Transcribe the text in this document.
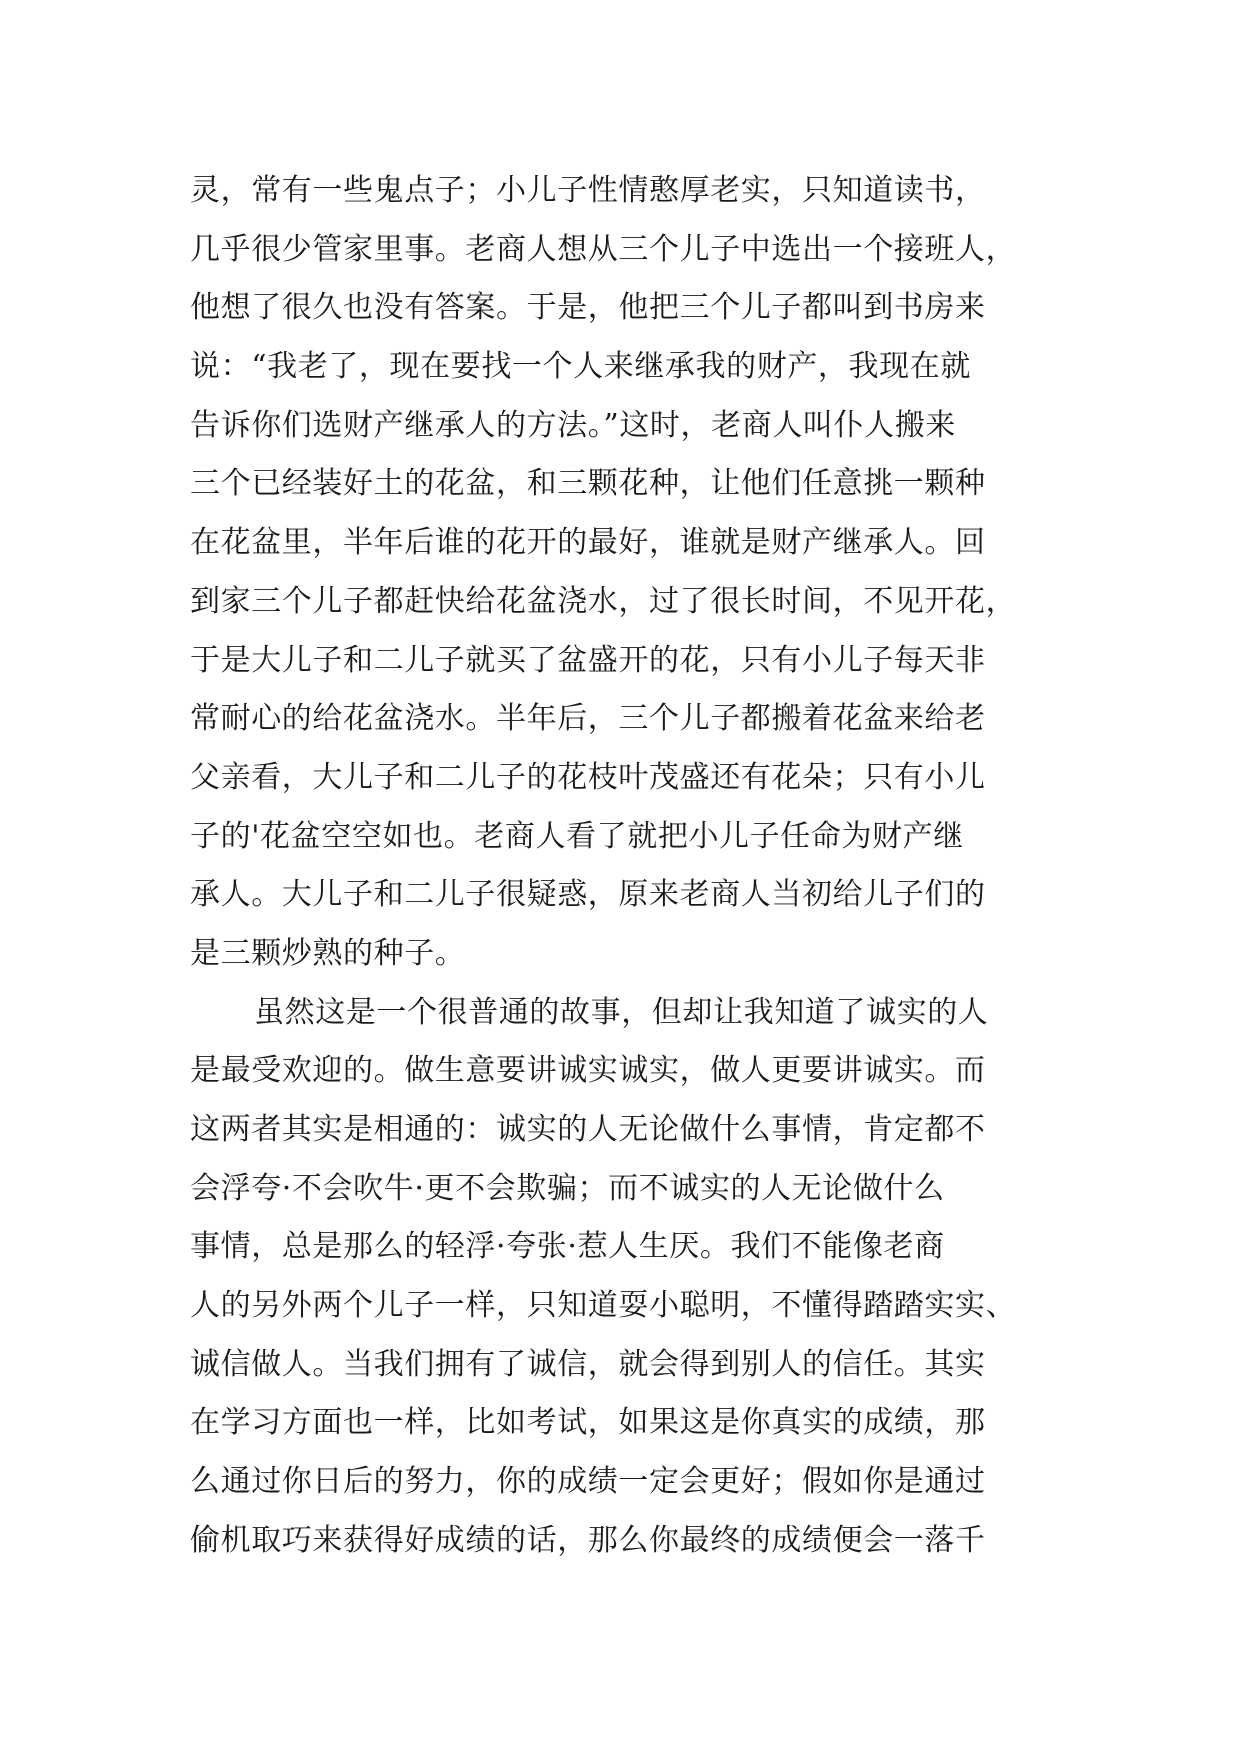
灵，常有一些鬼点子；小儿子性情憨厚老实，只知道读书，
几乎很少管家里事。老商人想从三个儿子中选出一个接班人，
他想了很久也没有答案。于是，他把三个儿子都叫到书房来
说：“我老了，现在要找一个人来继承我的财产，我现在就
告诉你们选财产继承人的方法。”这时，老商人叫仆人搬来
三个已经装好土的花盆，和三颗花种，让他们任意挑一颗种
在花盆里，半年后谁的花开的最好，谁就是财产继承人。回
到家三个儿子都赶快给花盆浇水，过了很长时间，不见开花，
于是大儿子和二儿子就买了盆盛开的花，只有小儿子每天非
常耐心的给花盆浇水。半年后，三个儿子都搬着花盆来给老
父亲看，大儿子和二儿子的花枝叶茂盛还有花朵；只有小儿
子的'花盆空空如也。老商人看了就把小儿子任命为财产继
承人。大儿子和二儿子很疑惑，原来老商人当初给儿子们的
是三颗炒熟的种子。
虽然这是一个很普通的故事，但却让我知道了诚实的人
是最受欢迎的。做生意要讲诚实诚实，做人更要讲诚实。而
这两者其实是相通的：诚实的人无论做什么事情，肯定都不
会浮夸·不会吹牛·更不会欺骗；而不诚实的人无论做什么
事情，总是那么的轻浮·夸张·惹人生厌。我们不能像老商
人的另外两个儿子一样，只知道耍小聪明，不懂得踏踏实实、
诚信做人。当我们拥有了诚信，就会得到别人的信任。其实
在学习方面也一样，比如考试，如果这是你真实的成绩，那
么通过你日后的努力，你的成绩一定会更好；假如你是通过
偷机取巧来获得好成绩的话，那么你最终的成绩便会一落千
